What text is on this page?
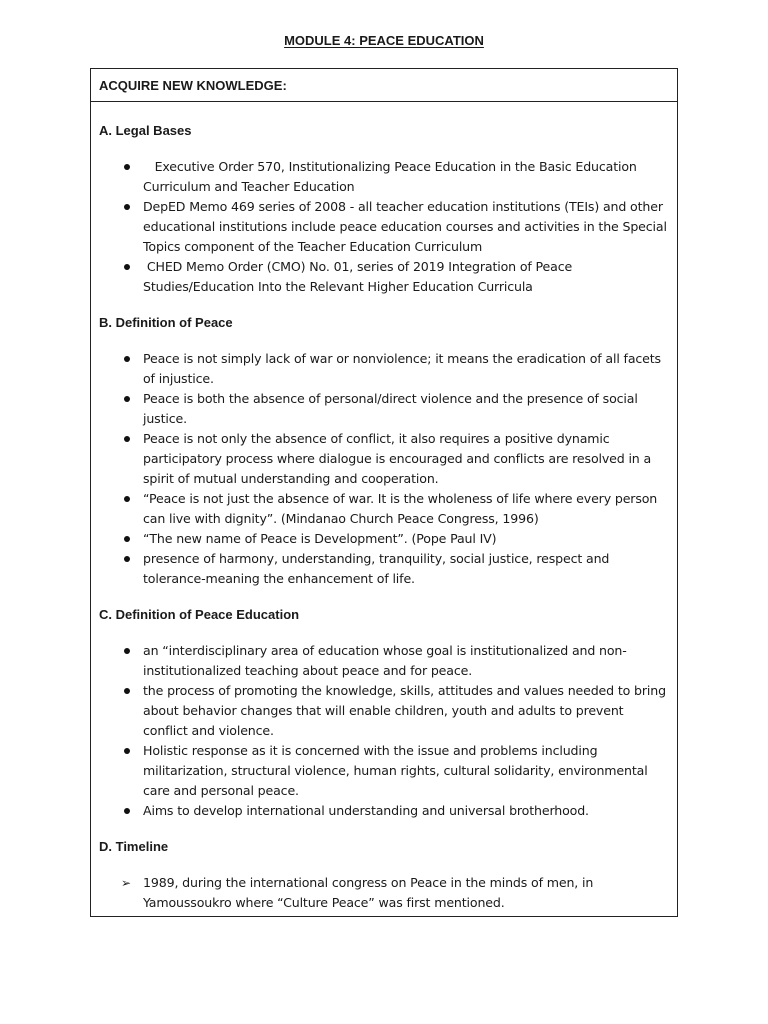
MODULE 4: PEACE EDUCATION
ACQUIRE NEW KNOWLEDGE:
A. Legal Bases
Executive Order 570, Institutionalizing Peace Education in the Basic Education Curriculum and Teacher Education
DepED Memo 469 series of 2008 - all teacher education institutions (TEIs) and other educational institutions include peace education courses and activities in the Special Topics component of the Teacher Education Curriculum
CHED Memo Order (CMO) No. 01, series of 2019 Integration of Peace Studies/Education Into the Relevant Higher Education Curricula
B. Definition of Peace
Peace is not simply lack of war or nonviolence; it means the eradication of all facets of injustice.
Peace is both the absence of personal/direct violence and the presence of social justice.
Peace is not only the absence of conflict, it also requires a positive dynamic participatory process where dialogue is encouraged and conflicts are resolved in a spirit of mutual understanding and cooperation.
“Peace is not just the absence of war. It is the wholeness of life where every person can live with dignity”. (Mindanao Church Peace Congress, 1996)
“The new name of Peace is Development”. (Pope Paul IV)
presence of harmony, understanding, tranquility, social justice, respect and tolerance-meaning the enhancement of life.
C. Definition of Peace Education
an “interdisciplinary area of education whose goal is institutionalized and non-institutionalized teaching about peace and for peace.
the process of promoting the knowledge, skills, attitudes and values needed to bring about behavior changes that will enable children, youth and adults to prevent conflict and violence.
Holistic response as it is concerned with the issue and problems including militarization, structural violence, human rights, cultural solidarity, environmental care and personal peace.
Aims to develop international understanding and universal brotherhood.
D. Timeline
➢ 1989, during the international congress on Peace in the minds of men, in Yamoussoukro where “Culture Peace” was first mentioned.
